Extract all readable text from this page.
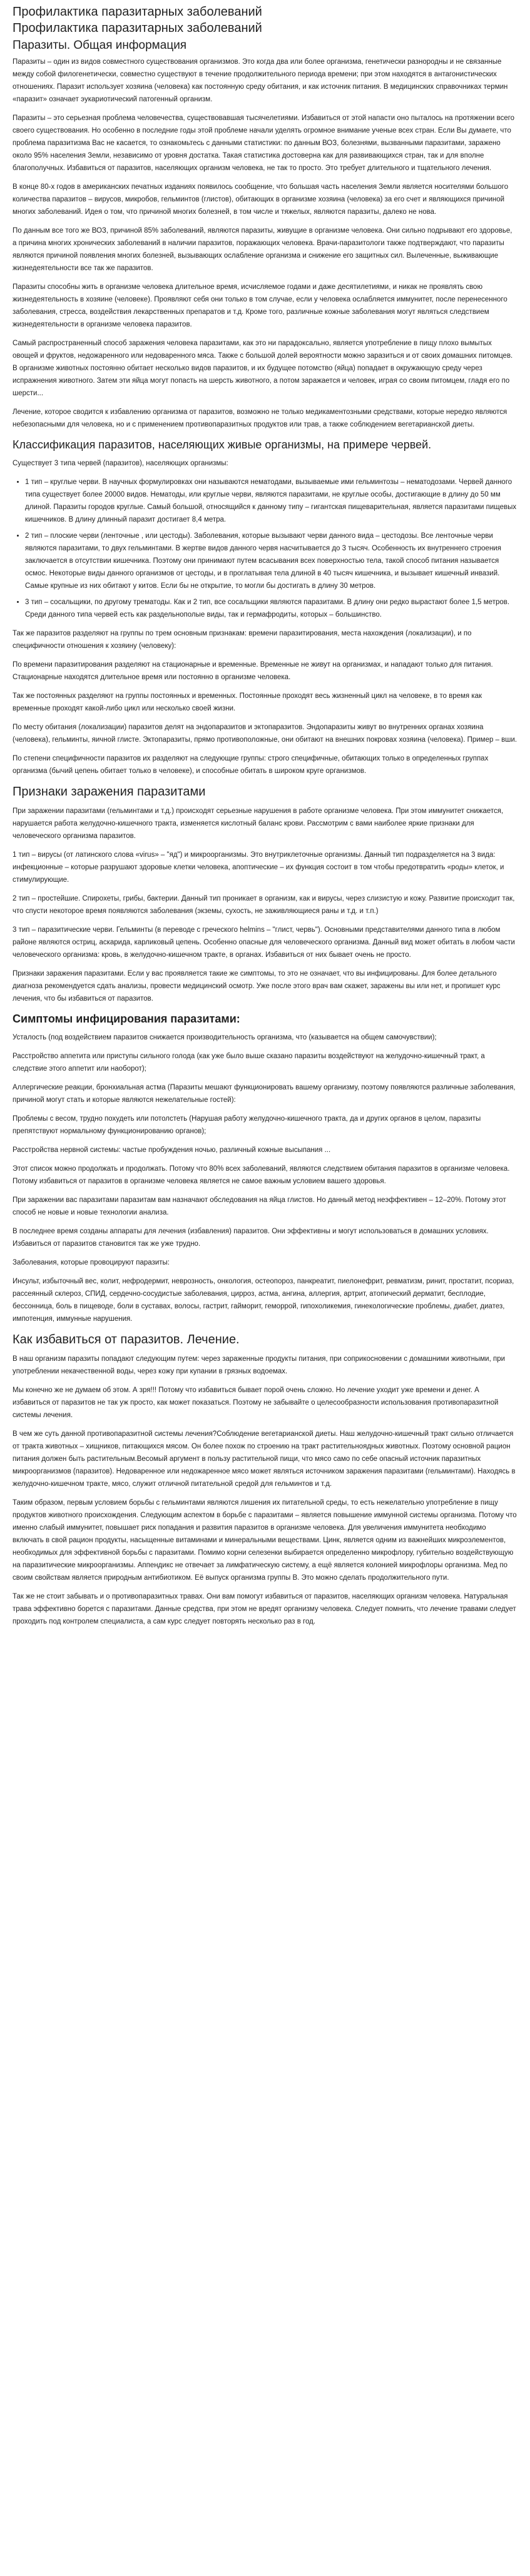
Профилактика паразитарных заболеваний
Профилактика паразитарных заболеваний
Паразиты. Общая информация

Паразиты – один из видов совместного существования организмов. Это когда два или более организма, генетически разнородны и не связанные между собой филогенетически, совместно существуют в течение продолжительного периода времени; при этом находятся в антагонистических отношениях. Паразит использует хозяина (человека) как постоянную среду обитания, и как источник питания. В медицинских справочниках термин «паразит» означает эукариотический патогенный организм.

Паразиты – это серьезная проблема человечества, существовавшая тысячелетиями. Избавиться от этой напасти оно пыталось на протяжении всего своего существования. Но особенно в последние годы этой проблеме начали уделять огромное внимание ученые всех стран. Если Вы думаете, что проблема паразитизма Вас не касается, то ознакомьтесь с данными статистики: по данным ВОЗ, болезнями, вызванными паразитами, заражено около 95% населения Земли, независимо от уровня достатка. Такая статистика достоверна как для развивающихся стран, так и для вполне благополучных. Избавиться от паразитов, населяющих организм человека, не так то просто. Это требует длительного и тщательного лечения.

В конце 80-х годов в американских печатных изданиях появилось сообщение, что большая часть населения Земли является носителями большого количества паразитов – вирусов, микробов, гельминтов (глистов), обитающих в организме хозяина (человека) за его счет и являющихся причиной многих заболеваний. Идея о том, что причиной многих болезней, в том числе и тяжелых, являются паразиты, далеко не нова.

По данным все того же ВОЗ, причиной 85% заболеваний, являются паразиты, живущие в организме человека. Они сильно подрывают его здоровье, а причина многих хронических заболеваний в наличии паразитов, поражающих человека. Врачи-паразитологи также подтверждают, что паразиты являются причиной появления многих болезней, вызывающих ослабление организма и снижение его защитных сил. Вылеченные, выживающие жизнедеятельности все так же паразитов.

Паразиты способны жить в организме человека длительное время, исчисляемое годами и даже десятилетиями, и никак не проявлять свою жизнедеятельность в хозяине (человеке). Проявляют себя они только в том случае, если у человека ослабляется иммунитет, после перенесенного заболевания, стресса, воздействия лекарственных препаратов и т.д. Кроме того, различные кожные заболевания могут являться следствием жизнедеятельности в организме человека паразитов.

Самый распространенный способ заражения человека паразитами, как это ни парадоксально, является употребление в пищу плохо вымытых овощей и фруктов, недожаренного или недоваренного мяса. Также с большой долей вероятности можно заразиться и от своих домашних питомцев. В организме животных постоянно обитает несколько видов паразитов, и их будущее потомство (яйца) попадает в окружающую среду через испражнения животного. Затем эти яйца могут попасть на шерсть животного, а потом заражается и человек, играя со своим питомцем, гладя его по шерсти...

Лечение, которое сводится к избавлению организма от паразитов, возможно не только медикаментозными средствами, которые нередко являются небезопасными для человека, но и с применением противопаразитных продуктов или трав, а также соблюдением вегетарианской диеты.

Классификация паразитов, населяющих живые организмы, на примере червей.

Существует 3 типа червей (паразитов), населяющих организмы:

• 1 тип – круглые черви. В научных формулировках они называются нематодами, вызываемые ими гельминтозы – нематодозами. Червей данного типа существует более 20000 видов. Нематоды, или круглые черви, являются паразитами, не круглые особы, достигающие в длину до 50 мм длиной. Паразиты городов круглые. Самый большой, относящийся к данному типу – гигантская пищеварительная, является паразитами пищевых кишечников. В длину длинный паразит достигает 8,4 метра.
• 2 тип – плоские черви (ленточные , или цестоды). Заболевания, которые вызывают черви данного вида – цестодозы. Все ленточные черви являются паразитами, то двух гельминтами. В жертве видов данного червя насчитывается до 3 тысяч. Особенность их внутреннего строения заключается в отсутствии кишечника. Поэтому они принимают путем всасывания всех поверхностью тела, такой способ питания называется осмос. Некоторые виды данного организмов от цестоды, и в проглатывая тела длиной в 40 тысяч кишечника, и вызывает кишечный инвазий. Самые крупные из них обитают у китов. Если бы не открытие, то могли бы достигать в длину 30 метров.
• 3 тип – сосальщики, по другому трематоды. Как и 2 тип, все сосальщики являются паразитами. В длину они редко вырастают более 1,5 метров. Среди данного типа червей есть как раздельнополые виды, так и гермафродиты, которых – большинство.

Так же паразитов разделяют на группы по трем основным признакам: времени паразитирования, места нахождения (локализации), и по специфичности отношения к хозяину (человеку):

По времени паразитирования разделяют на стационарные и временные. Временные не живут на организмах, и нападают только для питания. Стационарные находятся длительное время или постоянно в организме человека.

Так же постоянных разделяют на группы постоянных и временных. Постоянные проходят весь жизненный цикл на человеке, в то время как временные проходят какой-либо цикл или несколько своей жизни.

По месту обитания (локализации) паразитов делят на эндопаразитов и эктопаразитов. Эндопаразиты живут во внутренних органах хозяина (человека), гельминты, яичной глисте. Эктопаразиты, прямо противоположные, они обитают на внешних покровах хозяина (человека). Пример – вши.

По степени специфичности паразитов их разделяют на следующие группы: строго специфичные, обитающих только в определенных группах организма (бычий цепень обитает только в человеке), и способные обитать в широком круге организмов.

Признаки заражения паразитами

При заражении паразитами (гельминтами и т.д.) происходят серьезные нарушения в работе организме человека. При этом иммунитет снижается, нарушается работа желудочно-кишечного тракта, изменяется кислотный баланс крови. Рассмотрим с вами наиболее яркие признаки для человеческого организма паразитов.

1 тип – вирусы (от латинского слова «virus» – "яд") и микроорганизмы. Это внутриклеточные организмы. Данный тип подразделяется на 3 вида: инфекционные – которые разрушают здоровые клетки человека, апоптические – их функция состоит в том чтобы предотвратить «роды» клеток, и стимулирующие.

2 тип – простейшие. Спирохеты, грибы, бактерии. Данный тип проникает в организм, как и вирусы, через слизистую и кожу. Развитие происходит так, что спусти некоторое время появляются заболевания (экземы, сухость, не заживляющиеся раны и т.д. и т.п.)

3 тип – паразитические черви. Гельминты (в переводе с греческого helmins – "глист, червь"). Основными представителями данного типа в любом районе являются остриц, аскарида, карликовый цепень. Особенно опасные для человеческого организма. Данный вид может обитать в любом части человеческого организма: кровь, в желудочно-кишечном тракте, в органах. Избавиться от них бывает очень не просто.

Признаки заражения паразитами. Если у вас проявляется такие же симптомы, то это не означает, что вы инфицированы. Для более детального диагноза рекомендуется сдать анализы, провести медицинский осмотр. Уже после этого врач вам скажет, заражены вы или нет, и пропишет курс лечения, что бы избавиться от паразитов.

Симптомы инфицирования паразитами:

Усталость (под воздействием паразитов снижается производительность организма, что (казывается на общем самочувствии);

Расстройство аппетита или приступы сильного голода (как уже было выше сказано паразиты воздействуют на желудочно-кишечный тракт, а следствие этого аппетит или наоборот);

Аллергические реакции, бронхиальная астма (Паразиты мешают функционировать вашему организму, поэтому появляются различные заболевания, причиной могут стать и которые являются нежелательные гостей):

Проблемы с весом, трудно похудеть или потолстеть (Нарушая работу желудочно-кишечного тракта, да и других органов в целом, паразиты препятствуют нормальному функционированию органов);

Расстройства нервной системы: частые пробуждения ночью, различный кожные высыпания ...

Этот список можно продолжать и продолжать. Потому что 80% всех заболеваний, являются следствием обитания паразитов в организме человека. Потому избавиться от паразитов в организме человека является не самое важным условием вашего здоровья.

При заражении вас паразитами паразитам вам назначают обследования на яйца глистов. Но данный метод неэффективен – 12–20%. Потому этот способ не новые и новые технологии анализа.

В последнее время созданы аппараты для лечения (избавления) паразитов. Они эффективны и могут использоваться в домашних условиях. Избавиться от паразитов становится так же уже трудно.

Заболевания, которые провоцируют паразиты:

Инсульт, избыточный вес, колит, нефродермит, неврозность, онкология, остеопороз, панкреатит, пиелонефрит, ревматизм, ринит, простатит, псориаз, рассеянный склероз, СПИД, сердечно-сосудистые заболевания, цирроз, астма, ангина, аллергия, артрит, атопический дерматит, бесплодие, бессонница, боль в пищеводе, боли в суставах, волосы, гастрит, гайморит, геморрой, гипохоликемия, гинекологические проблемы, диабет, диатез, импотенция, иммунные нарушения.

Как избавиться от паразитов. Лечение.

В наш организм паразиты попадают следующим путем: через зараженные продукты питания, при соприкосновении с домашними животными, при употреблении некачественной воды, через кожу при купании в грязных водоемах.

Мы конечно же не думаем об этом. А зря!!! Потому что избавиться бывает порой очень сложно. Но лечение уходит уже времени и денег. А избавиться от паразитов не так уж просто, как может показаться. Поэтому не забывайте о целесообразности использования противопаразитной системы лечения.

В чем же суть данной противопаразитной системы лечения?Соблюдение вегетарианской диеты. Наш желудочно-кишечный тракт сильно отличается от тракта животных – хищников, питающихся мясом. Он более похож по строению на тракт растительноядных животных. Поэтому основной рацион питания должен быть растительным.Весомый аргумент в пользу растительной пищи, что мясо само по себе опасный источник паразитных микроорганизмов (паразитов). Недоваренное или недожаренное мясо может являться источником заражения паразитами (гельминтами). Находясь в желудочно-кишечном тракте, мясо, служит отличной питательной средой для гельминтов и т.д.

Таким образом, первым условием борьбы с гельминтами являются лишения их питательной среды, то есть нежелательно употребление в пищу продуктов животного происхождения. Следующим аспектом в борьбе с паразитами – является повышение иммунной системы организма. Потому что именно слабый иммунитет, повышает риск попадания и развития паразитов в организме человека. Для увеличения иммунитета необходимо включать в свой рацион продукты, насыщенные витаминами и минеральными веществами. Цинк, является одним из важнейших микроэлементов, необходимых для эффективной борьбы с паразитами. Помимо корни селезенки выбирается определенно микрофлору, губительно воздействующую на паразитические микроорганизмы. Аппендикс не отвечает за лимфатическую систему, а ещё является колонией микрофлоры организма. Мед по своим свойствам является природным антибиотиком. Её выпуск организма группы В. Это можно сделать продолжительного пути.

Так же не стоит забывать и о противопаразитных травах. Они вам помогут избавиться от паразитов, населяющих организм человека. Натуральная трава эффективно борется с паразитами. Данные средства, при этом не вредят организму человека. Следует помнить, что лечение травами следует проходить под контролем специалиста, а сам курс следует повторять несколько раз в год.
